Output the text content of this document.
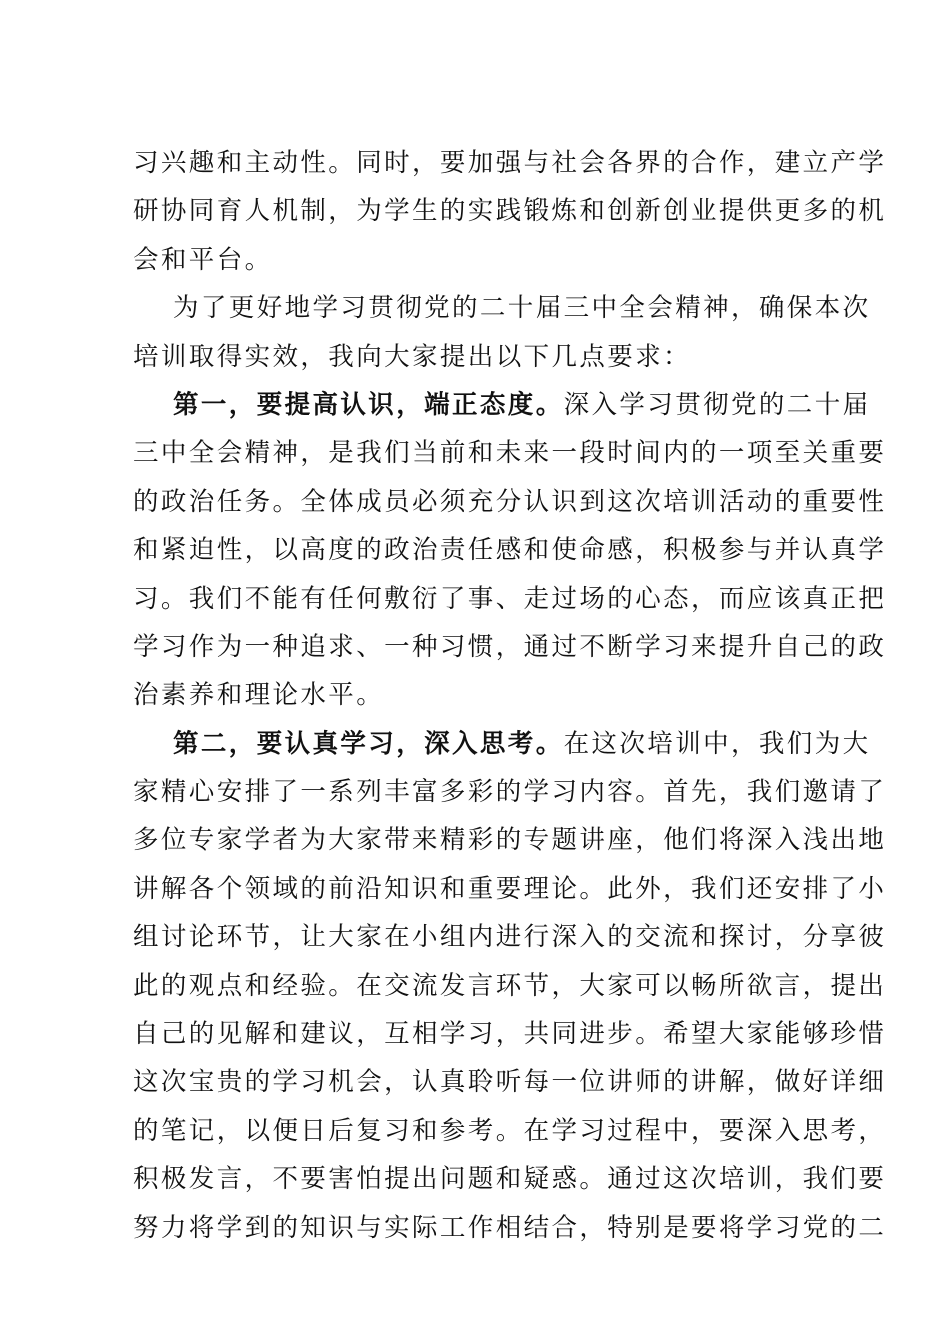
习兴趣和主动性。同时，要加强与社会各界的合作，建立产学
研协同育人机制，为学生的实践锻炼和创新创业提供更多的机
会和平台。
为了更好地学习贯彻党的二十届三中全会精神，确保本次
培训取得实效，我向大家提出以下几点要求：
第一，要提高认识，端正态度。深入学习贯彻党的二十届
三中全会精神，是我们当前和未来一段时间内的一项至关重要
的政治任务。全体成员必须充分认识到这次培训活动的重要性
和紧迫性，以高度的政治责任感和使命感，积极参与并认真学
习。我们不能有任何敷衍了事、走过场的心态，而应该真正把
学习作为一种追求、一种习惯，通过不断学习来提升自己的政
治素养和理论水平。
第二，要认真学习，深入思考。在这次培训中，我们为大
家精心安排了一系列丰富多彩的学习内容。首先，我们邀请了
多位专家学者为大家带来精彩的专题讲座，他们将深入浅出地
讲解各个领域的前沿知识和重要理论。此外，我们还安排了小
组讨论环节，让大家在小组内进行深入的交流和探讨，分享彼
此的观点和经验。在交流发言环节，大家可以畅所欲言，提出
自己的见解和建议，互相学习，共同进步。希望大家能够珍惜
这次宝贵的学习机会，认真聆听每一位讲师的讲解，做好详细
的笔记，以便日后复习和参考。在学习过程中，要深入思考，
积极发言，不要害怕提出问题和疑惑。通过这次培训，我们要
努力将学到的知识与实际工作相结合，特别是要将学习党的二
